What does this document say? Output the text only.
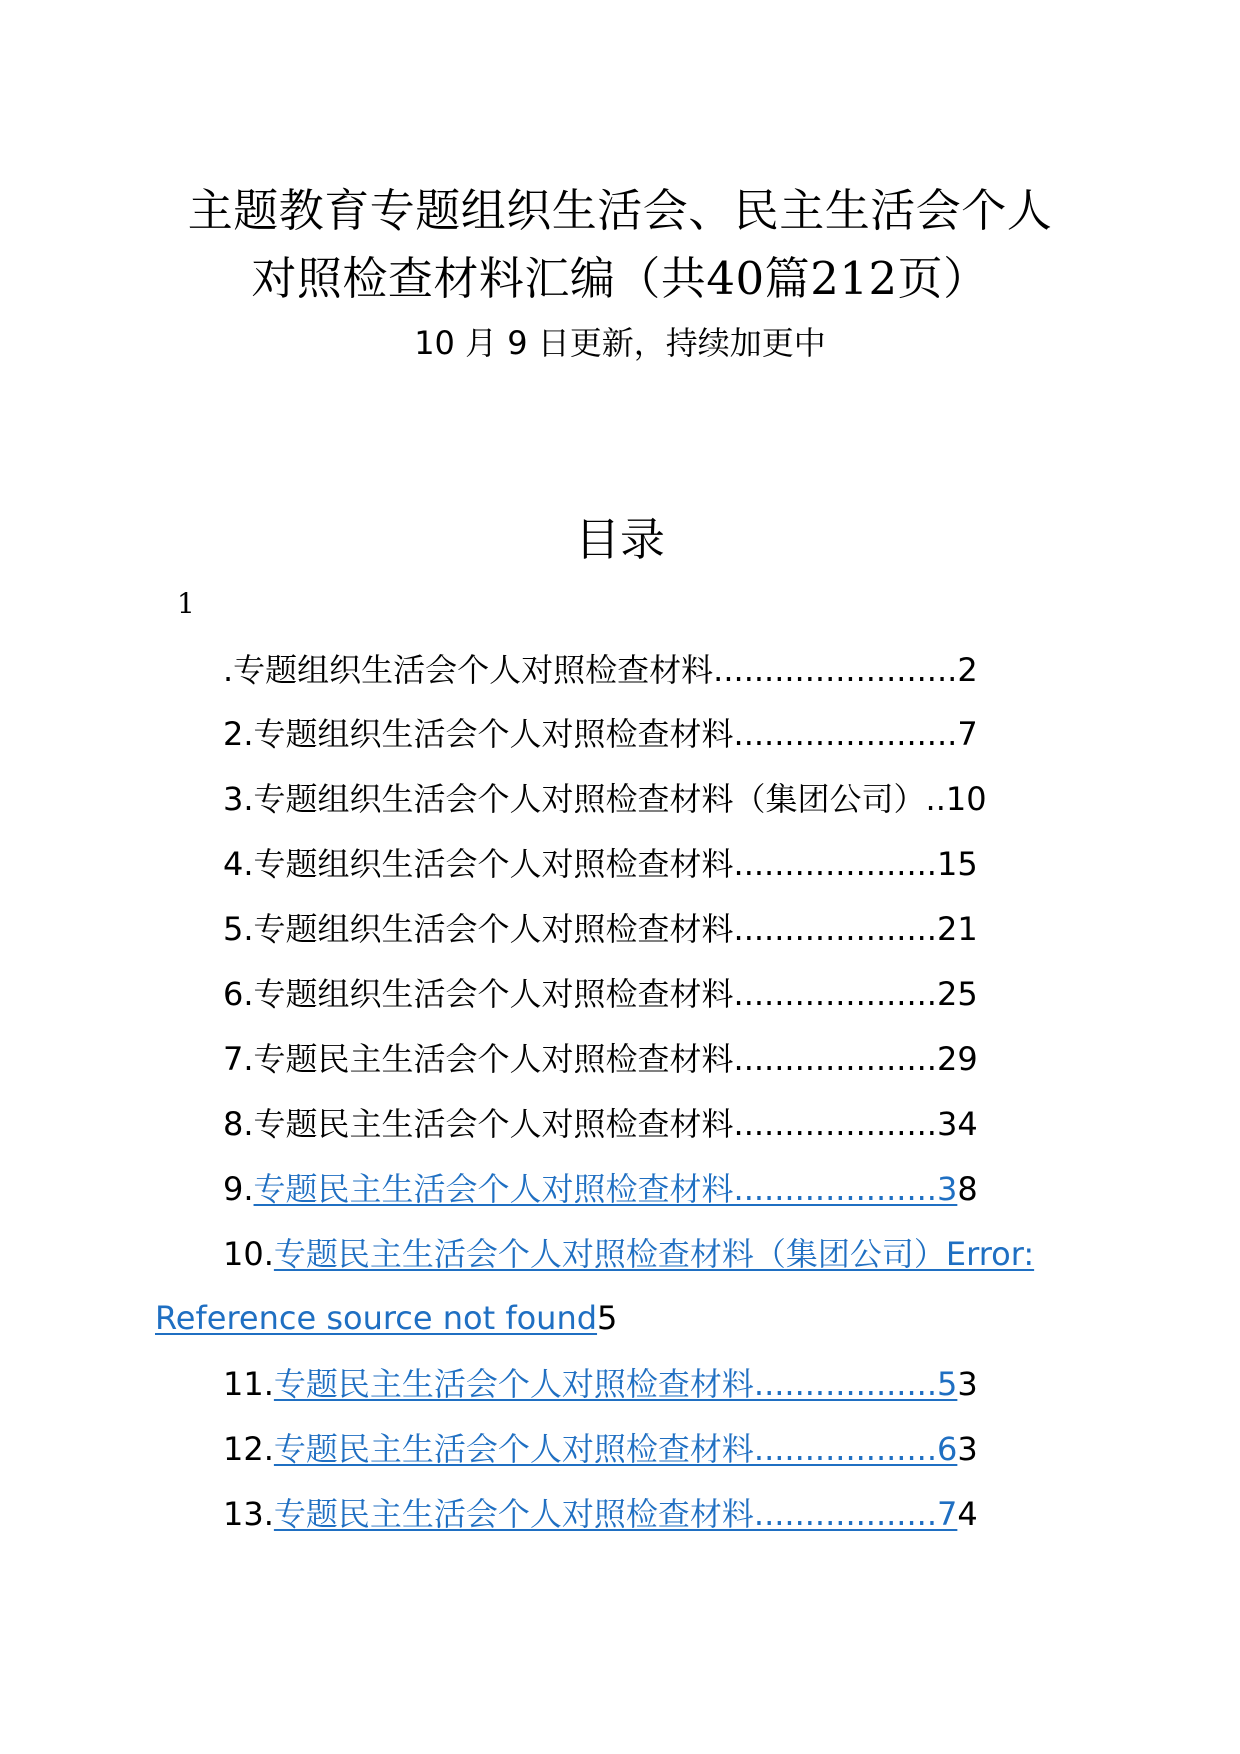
主题教育专题组织生活会、民主生活会个人
对照检查材料汇编（共40篇212页）
10 月 9 日更新，持续加更中
目录
1
.专题组织生活会个人对照检查材料........................2
2.专题组织生活会个人对照检查材料......................7
3.专题组织生活会个人对照检查材料（集团公司）..10
4.专题组织生活会个人对照检查材料....................15
5.专题组织生活会个人对照检查材料....................21
6.专题组织生活会个人对照检查材料....................25
7.专题民主生活会个人对照检查材料....................29
8.专题民主生活会个人对照检查材料....................34
9.专题民主生活会个人对照检查材料....................38
10.专题民主生活会个人对照检查材料（集团公司）Error:
Reference source not found5
11.专题民主生活会个人对照检查材料..................53
12.专题民主生活会个人对照检查材料..................63
13.专题民主生活会个人对照检查材料..................74
